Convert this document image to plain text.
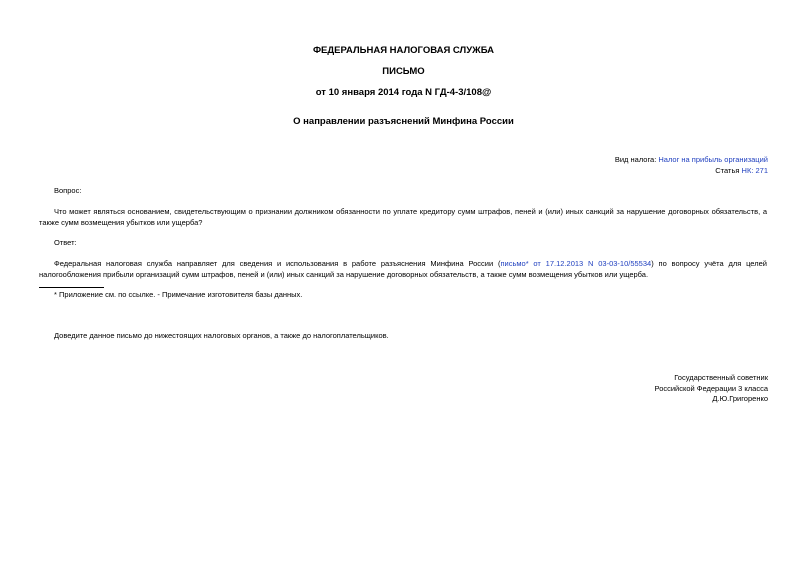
ФЕДЕРАЛЬНАЯ НАЛОГОВАЯ СЛУЖБА
ПИСЬМО
от 10 января 2014 года N ГД-4-3/108@
О направлении разъяснений Минфина России
Вид налога: Налог на прибыль организаций
Статья НК: 271
Вопрос:
Что может являться основанием, свидетельствующим о признании должником обязанности по уплате кредитору сумм штрафов, пеней и (или) иных санкций за нарушение договорных обязательств, а также сумм возмещения убытков или ущерба?
Ответ:
Федеральная налоговая служба направляет для сведения и использования в работе разъяснения Минфина России (письмо* от 17.12.2013 N 03-03-10/55534) по вопросу учёта для целей налогообложения прибыли организаций сумм штрафов, пеней и (или) иных санкций за нарушение договорных обязательств, а также сумм возмещения убытков или ущерба.
* Приложение см. по ссылке. - Примечание изготовителя базы данных.
Доведите данное письмо до нижестоящих налоговых органов, а также до налогоплательщиков.
Государственный советник
Российской Федерации 3 класса
Д.Ю.Григоренко
